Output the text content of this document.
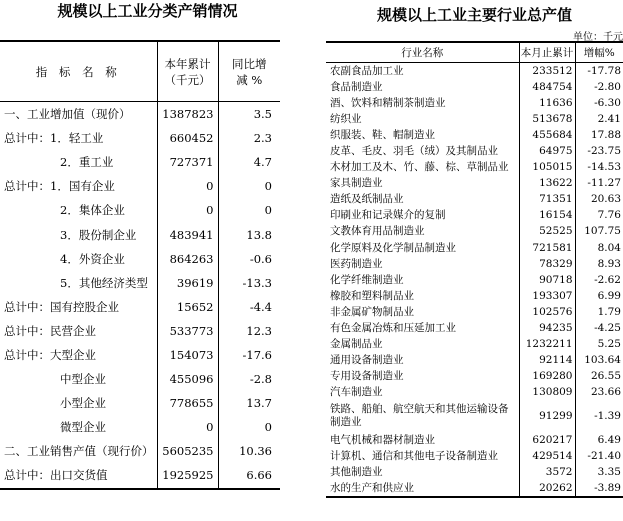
规模以上工业分类产销情况
指 标 名 称	本年累计
（千元）	同比增
减 %
一、工业增加值（现价）	1387823	3.5
总计中：1．轻工业	660452	2.3
2．重工业	727371	4.7
总计中：1．国有企业	0	0
2．集体企业	0	0
3．股份制企业	483941	13.8
4．外资企业	864263	-0.6
5．其他经济类型	39619	-13.3
总计中：国有控股企业	15652	-4.4
总计中：民营企业	533773	12.3
总计中：大型企业	154073	-17.6
中型企业	455096	-2.8
小型企业	778655	13.7
微型企业	0	0
二、工业销售产值（现行价）	5605235	10.36
总计中：出口交货值	1925925	6.66
规模以上工业主要行业总产值
单位：千元
行业名称	本月止累计	增幅%
农副食品加工业	233512	-17.78
食品制造业	484754	-2.80
酒、饮料和精制茶制造业	11636	-6.30
纺织业	513678	2.41
织服装、鞋、帽制造业	455684	17.88
皮革、毛皮、羽毛（绒）及其制品业	64975	-23.75
木材加工及木、竹、藤、棕、草制品业	105015	-14.53
家具制造业	13622	-11.27
造纸及纸制品业	71351	20.63
印刷业和记录媒介的复制	16154	7.76
文教体育用品制造业	52525	107.75
化学原料及化学制品制造业	721581	8.04
医药制造业	78329	8.93
化学纤维制造业	90718	-2.62
橡胶和塑料制品业	193307	6.99
非金属矿物制品业	102576	1.79
有色金属冶炼和压延加工业	94235	-4.25
金属制品业	1232211	5.25
通用设备制造业	92114	103.64
专用设备制造业	169280	26.55
汽车制造业	130809	23.66
铁路、船舶、航空航天和其他运输设备制造业	91299	-1.39
电气机械和器材制造业	620217	6.49
计算机、通信和其他电子设备制造业	429514	-21.40
其他制造业	3572	3.35
水的生产和供应业	20262	-3.89
